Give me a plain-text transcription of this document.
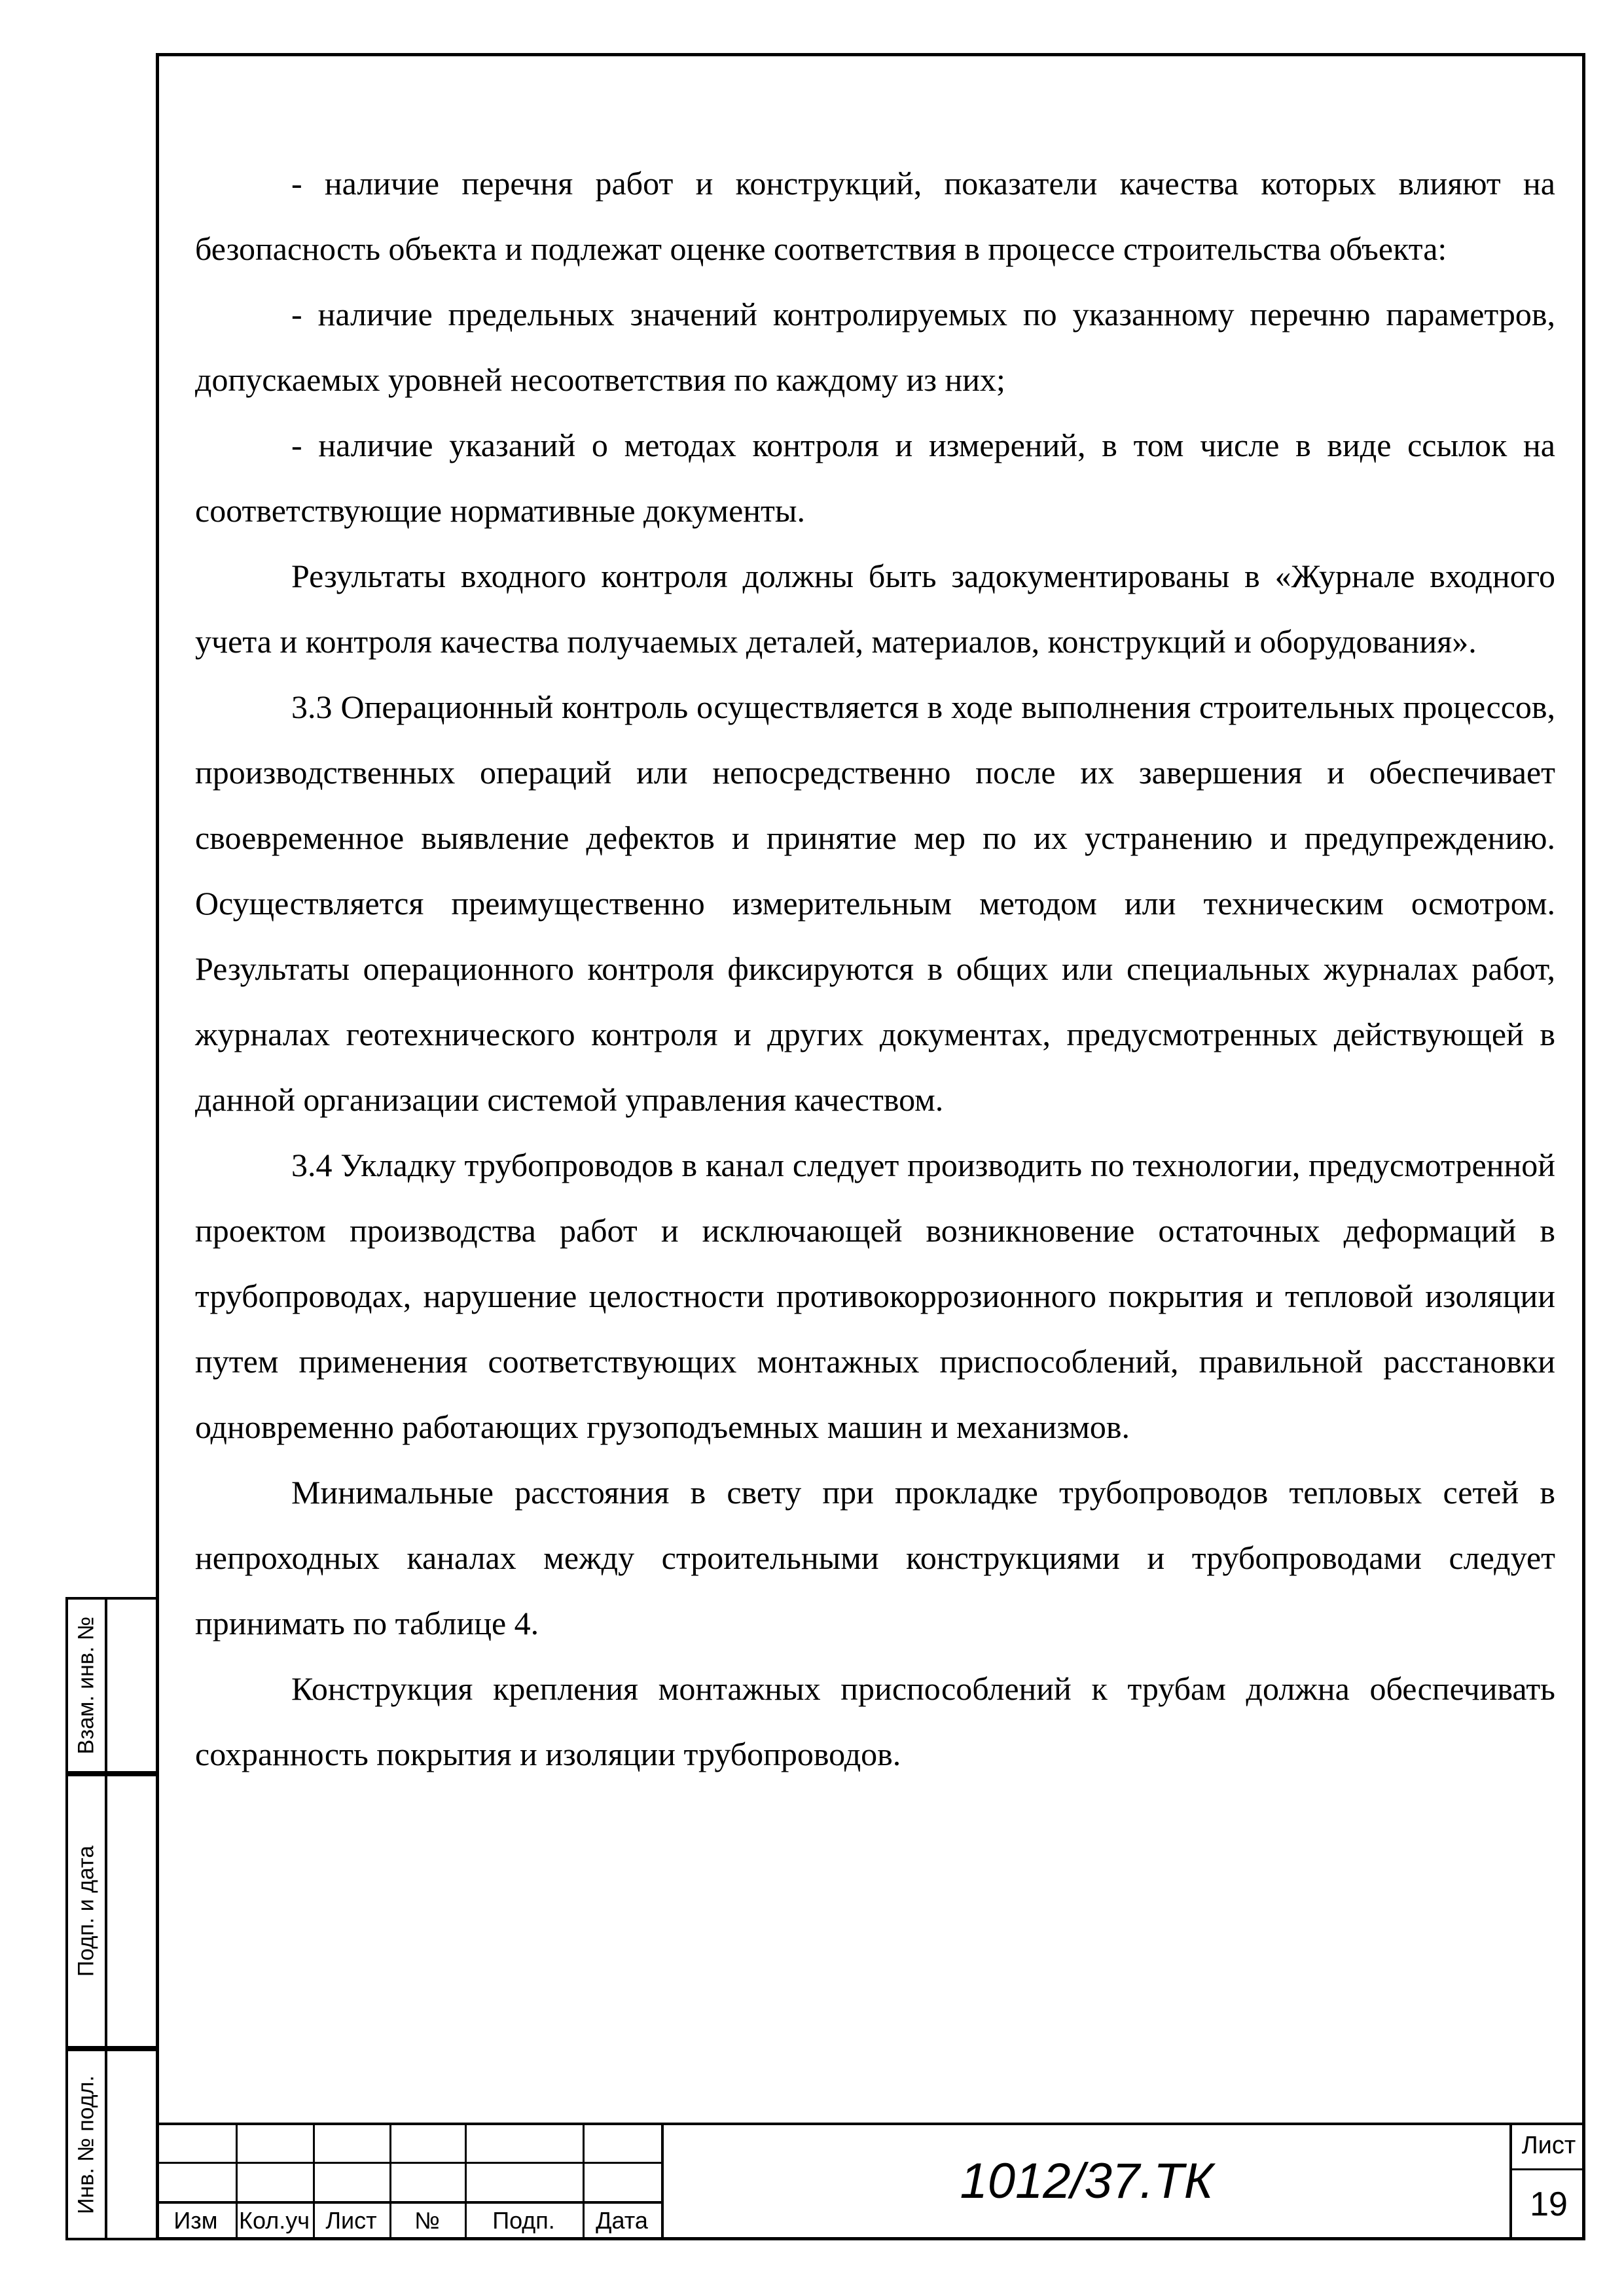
- наличие перечня работ и конструкций, показатели качества которых влияют на безопасность объекта и подлежат оценке соответствия в процессе строительства объекта:

- наличие предельных значений контролируемых по указанному перечню параметров, допускаемых уровней несоответствия по каждому из них;

- наличие указаний о методах контроля и измерений, в том числе в виде ссылок на соответствующие нормативные документы.

Результаты входного контроля должны быть задокументированы в «Журнале входного учета и контроля качества получаемых деталей, материалов, конструкций и оборудования».

3.3 Операционный контроль осуществляется в ходе выполнения строительных процессов, производственных операций или непосредственно после их завершения и обеспечивает своевременное выявление дефектов и принятие мер по их устранению и предупреждению. Осуществляется преимущественно измерительным методом или техническим осмотром. Результаты операционного контроля фиксируются в общих или специальных журналах работ, журналах геотехнического контроля и других документах, предусмотренных действующей в данной организации системой управления качеством.

3.4 Укладку трубопроводов в канал следует производить по технологии, предусмотренной проектом производства работ и исключающей возникновение остаточных деформаций в трубопроводах, нарушение целостности противокоррозионного покрытия и тепловой изоляции путем применения соответствующих монтажных приспособлений, правильной расстановки одновременно работающих грузоподъемных машин и механизмов.

Минимальные расстояния в свету при прокладке трубопроводов тепловых сетей в непроходных каналах между строительными конструкциями и трубопроводами следует принимать по таблице 4.

Конструкция крепления монтажных приспособлений к трубам должна обеспечивать сохранность покрытия и изоляции трубопроводов.

Взам. инв. №
Подп. и дата
Инв. № подл.
Изм Кол.уч Лист	№	Подп.	Дата
1012/37.ТК
Лист
19
